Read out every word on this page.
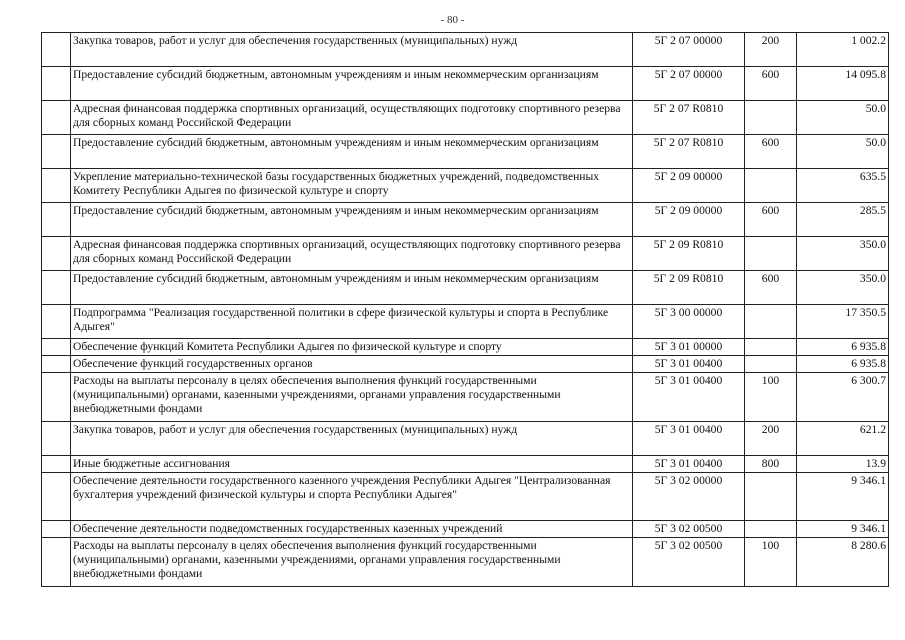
- 80 -
	Закупка товаров, работ и услуг для обеспечения государственных (муниципальных) нужд	5Г 2 07 00000	200	1 002.2
	Предоставление субсидий бюджетным, автономным учреждениям и иным некоммерческим организациям	5Г 2 07 00000	600	14 095.8
	Адресная финансовая поддержка спортивных организаций, осуществляющих подготовку спортивного резерва для сборных команд Российской Федерации	5Г 2 07 R0810		50.0
	Предоставление субсидий бюджетным, автономным учреждениям и иным некоммерческим организациям	5Г 2 07 R0810	600	50.0
	Укрепление материально-технической базы государственных бюджетных учреждений, подведомственных Комитету Республики Адыгея по физической культуре и спорту	5Г 2 09 00000		635.5
	Предоставление субсидий бюджетным, автономным учреждениям и иным некоммерческим организациям	5Г 2 09 00000	600	285.5
	Адресная финансовая поддержка спортивных организаций, осуществляющих подготовку спортивного резерва для сборных команд Российской Федерации	5Г 2 09 R0810		350.0
	Предоставление субсидий бюджетным, автономным учреждениям и иным некоммерческим организациям	5Г 2 09 R0810	600	350.0
	Подпрограмма "Реализация государственной политики в сфере физической культуры и спорта в Республике Адыгея"	5Г 3 00 00000		17 350.5
	Обеспечение функций Комитета Республики Адыгея по физической культуре и спорту	5Г 3 01 00000		6 935.8
	Обеспечение функций государственных органов	5Г 3 01 00400		6 935.8
	Расходы на выплаты персоналу в целях обеспечения выполнения функций государственными (муниципальными) органами, казенными учреждениями, органами управления государственными внебюджетными фондами	5Г 3 01 00400	100	6 300.7
	Закупка товаров, работ и услуг для обеспечения государственных (муниципальных) нужд	5Г 3 01 00400	200	621.2
	Иные бюджетные ассигнования	5Г 3 01 00400	800	13.9
	Обеспечение деятельности государственного казенного учреждения Республики Адыгея "Централизованная бухгалтерия учреждений физической культуры и спорта Республики Адыгея"	5Г 3 02 00000		9 346.1
	Обеспечение деятельности подведомственных государственных казенных учреждений	5Г 3 02 00500		9 346.1
	Расходы на выплаты персоналу в целях обеспечения выполнения функций государственными (муниципальными) органами, казенными учреждениями, органами управления государственными внебюджетными фондами	5Г 3 02 00500	100	8 280.6
